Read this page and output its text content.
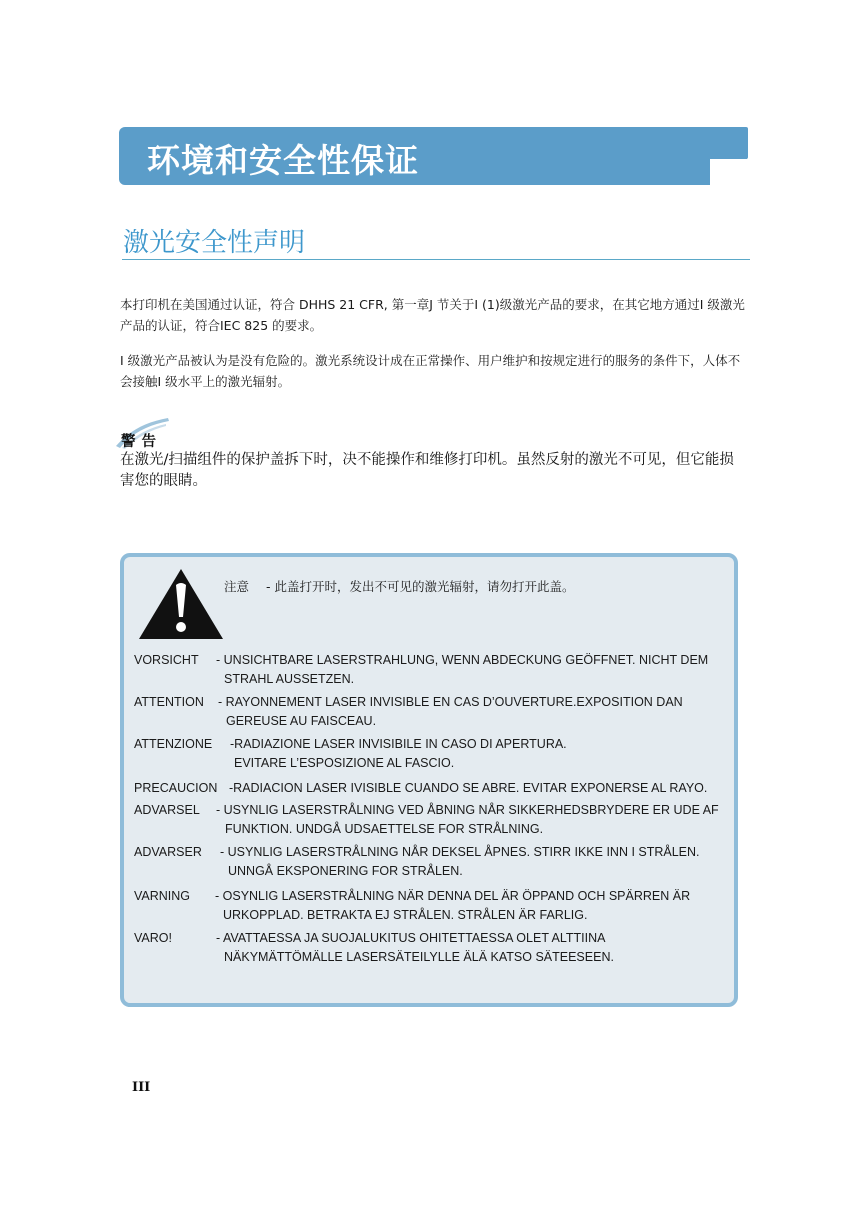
环境和安全性保证
激光安全性声明

本打印机在美国通过认证，符合 DHHS 21 CFR, 第一章J 节关于I (1)级激光产品的要求，在其它地方通过I 级激光产品的认证，符合IEC 825 的要求。

I 级激光产品被认为是没有危险的。激光系统设计成在正常操作、用户维护和按规定进行的服务的条件下，人体不会接触I 级水平上的激光辐射。

警告

在激光/扫描组件的保护盖拆下时，决不能操作和维修打印机。虽然反射的激光不可见，但它能损害您的眼睛。

注意 - 此盖打开时，发出不可见的激光辐射，请勿打开此盖。

VORSICHT - UNSICHTBARE LASERSTRAHLUNG, WENN ABDECKUNG GEÖFFNET. NICHT DEM
STRAHL AUSSETZEN.
ATTENTION - RAYONNEMENT LASER INVISIBLE EN CAS D’OUVERTURE.EXPOSITION DAN
GEREUSE AU FAISCEAU.
ATTENZIONE -RADIAZIONE LASER INVISIBILE IN CASO DI APERTURA.
EVITARE L’ESPOSIZIONE AL FASCIO.
PRECAUCION -RADIACION LASER IVISIBLE CUANDO SE ABRE. EVITAR EXPONERSE AL RAYO.
ADVARSEL - USYNLIG LASERSTRÅLNING VED ÅBNING NÅR SIKKERHEDSBRYDERE ER UDE AF
FUNKTION. UNDGÅ UDSAETTELSE FOR STRÅLNING.
ADVARSER - USYNLIG LASERSTRÅLNING NÅR DEKSEL ÅPNES. STIRR IKKE INN I STRÅLEN.
UNNGÅ EKSPONERING FOR STRÅLEN.
VARNING - OSYNLIG LASERSTRÅLNING NÄR DENNA DEL ÄR ÖPPAND OCH SPÄRREN ÄR
URKOPPLAD. BETRAKTA EJ STRÅLEN. STRÅLEN ÄR FARLIG.
VARO!	- AVATTAESSA JA SUOJALUKITUS OHITETTAESSA OLET ALTTIINA
NÄKYMÄTTÖMÄLLE LASERSÄTEILYLLE ÄLÄ KATSO SÄTEESEEN.

III
